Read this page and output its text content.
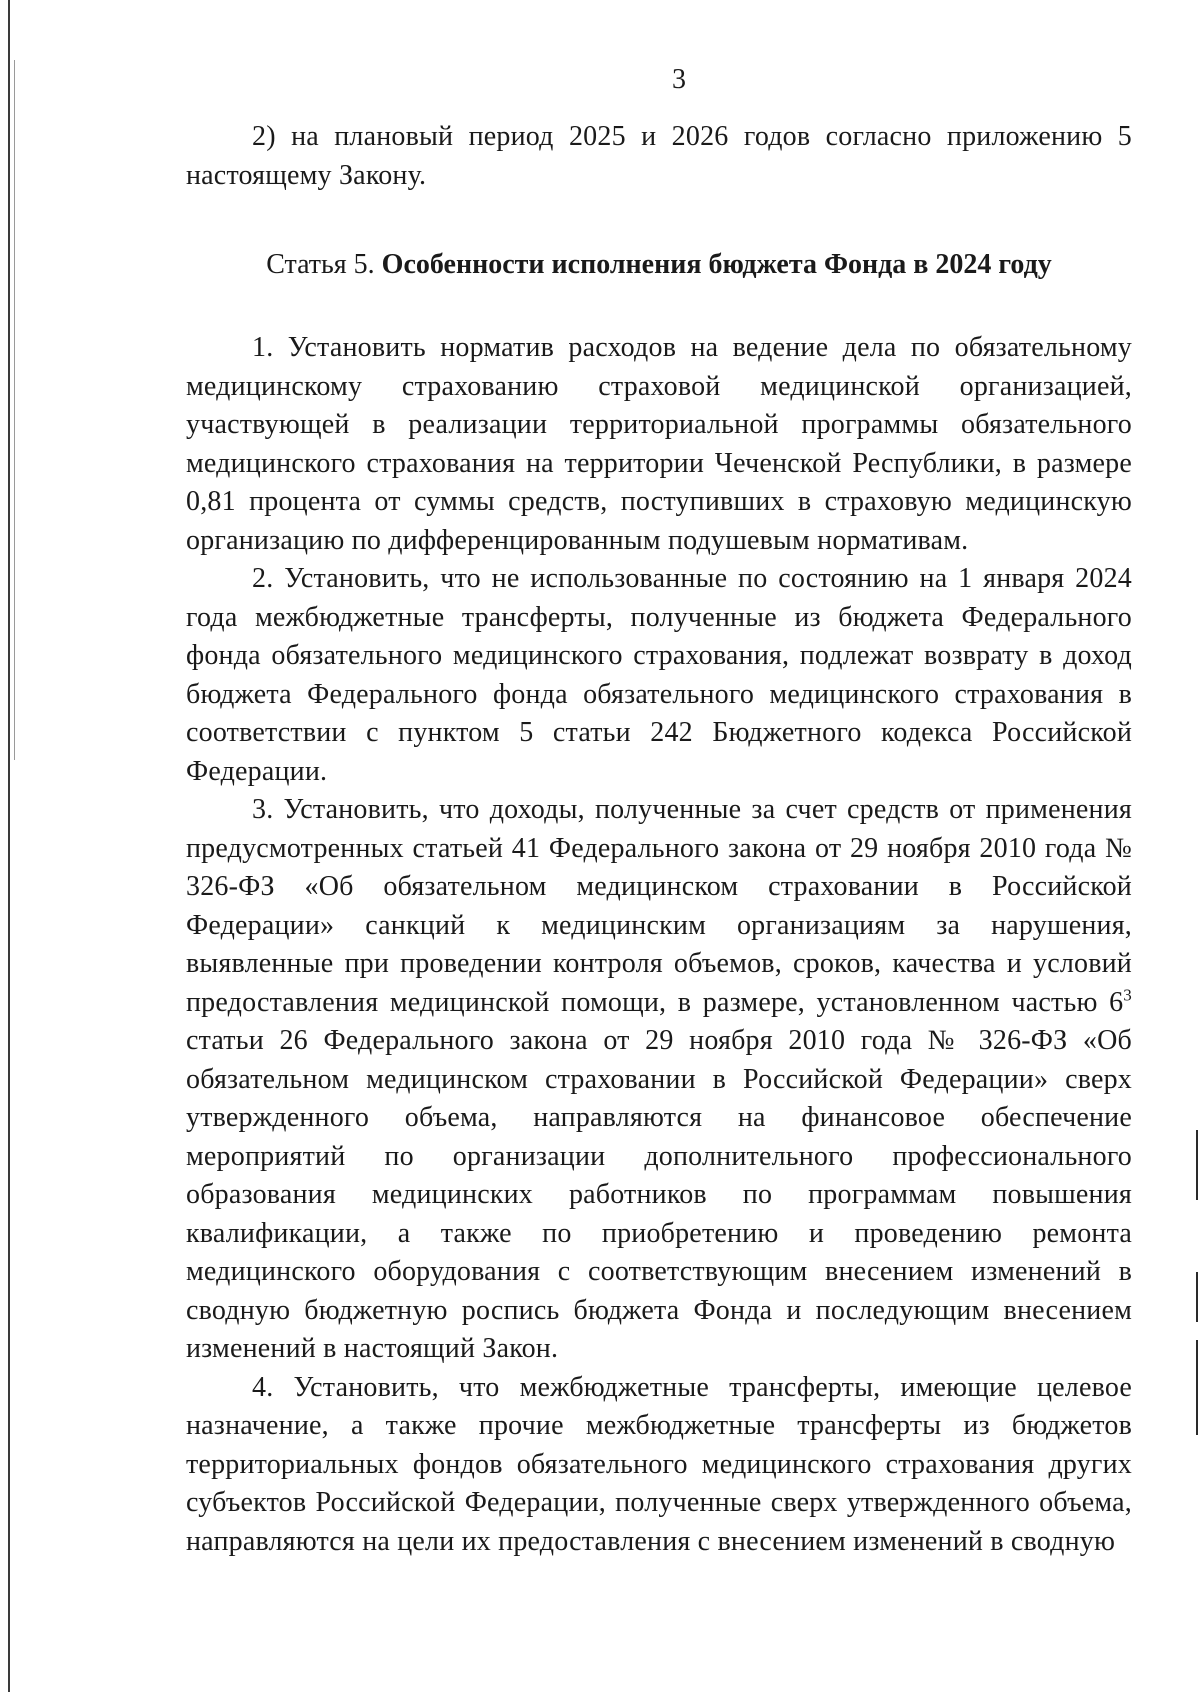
3

2) на плановый период 2025 и 2026 годов согласно приложению 5 настоящему Закону.

Статья 5. Особенности исполнения бюджета Фонда в 2024 году

1. Установить норматив расходов на ведение дела по обязательному медицинскому страхованию страховой медицинской организацией, участвующей в реализации территориальной программы обязательного медицинского страхования на территории Чеченской Республики, в размере 0,81 процента от суммы средств, поступивших в страховую медицинскую организацию по дифференцированным подушевым нормативам.

2. Установить, что не использованные по состоянию на 1 января 2024 года межбюджетные трансферты, полученные из бюджета Федерального фонда обязательного медицинского страхования, подлежат возврату в доход бюджета Федерального фонда обязательного медицинского страхования в соответствии с пунктом 5 статьи 242 Бюджетного кодекса Российской Федерации.

3. Установить, что доходы, полученные за счет средств от применения предусмотренных статьей 41 Федерального закона от 29 ноября 2010 года № 326-ФЗ «Об обязательном медицинском страховании в Российской Федерации» санкций к медицинским организациям за нарушения, выявленные при проведении контроля объемов, сроков, качества и условий предоставления медицинской помощи, в размере, установленном частью $6^3$ статьи 26 Федерального закона от 29 ноября 2010 года № 326-ФЗ «Об обязательном медицинском страховании в Российской Федерации» сверх утвержденного объема, направляются на финансовое обеспечение мероприятий по организации дополнительного профессионального образования медицинских работников по программам повышения квалификации, а также по приобретению и проведению ремонта медицинского оборудования с соответствующим внесением изменений в сводную бюджетную роспись бюджета Фонда и последующим внесением изменений в настоящий Закон.

4. Установить, что межбюджетные трансферты, имеющие целевое назначение, а также прочие межбюджетные трансферты из бюджетов территориальных фондов обязательного медицинского страхования других субъектов Российской Федерации, полученные сверх утвержденного объема, направляются на цели их предоставления с внесением изменений в сводную
